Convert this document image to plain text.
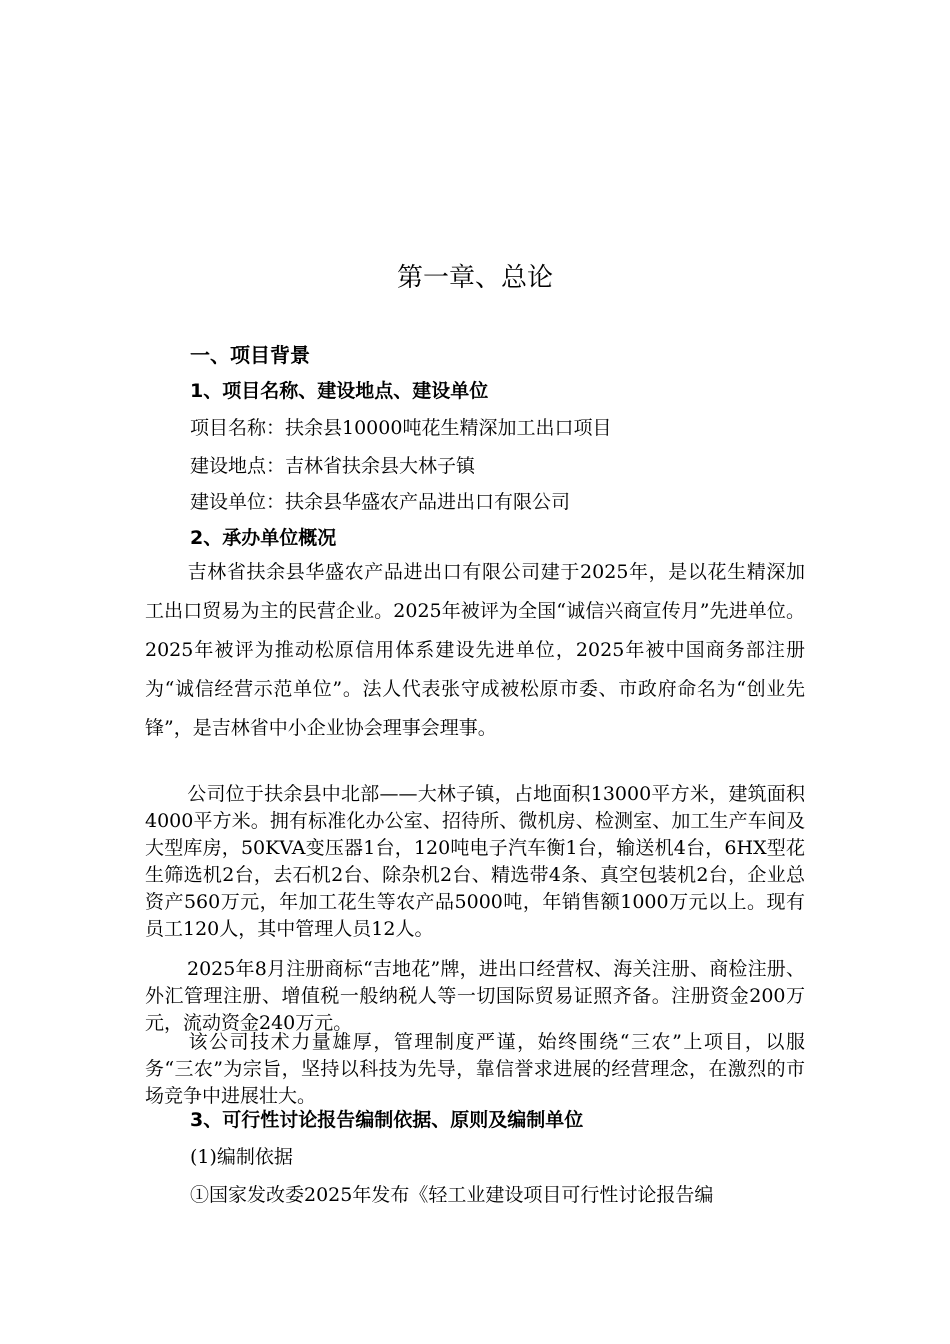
第一章、总论
一、项目背景
1、项目名称、建设地点、建设单位
项目名称：扶余县10000吨花生精深加工出口项目
建设地点：吉林省扶余县大林子镇
建设单位：扶余县华盛农产品进出口有限公司
2、承办单位概况
吉林省扶余县华盛农产品进出口有限公司建于2025年，是以花生精深加工出口贸易为主的民营企业。2025年被评为全国“诚信兴商宣传月”先进单位。2025年被评为推动松原信用体系建设先进单位，2025年被中国商务部注册为“诚信经营示范单位”。法人代表张守成被松原市委、市政府命名为“创业先锋”，是吉林省中小企业协会理事会理事。
公司位于扶余县中北部——大林子镇，占地面积13000平方米，建筑面积4000平方米。拥有标准化办公室、招待所、微机房、检测室、加工生产车间及大型库房，50KVA变压器1台，120吨电子汽车衡1台，输送机4台，6HX型花生筛选机2台，去石机2台、除杂机2台、精选带4条、真空包装机2台，企业总资产560万元，年加工花生等农产品5000吨，年销售额1000万元以上。现有员工120人，其中管理人员12人。
2025年8月注册商标“吉地花”牌，进出口经营权、海关注册、商检注册、外汇管理注册、增值税一般纳税人等一切国际贸易证照齐备。注册资金200万元，流动资金240万元。
该公司技术力量雄厚，管理制度严谨，始终围绕“三农”上项目，以服务“三农”为宗旨，坚持以科技为先导，靠信誉求进展的经营理念，在激烈的市场竞争中进展壮大。
3、可行性讨论报告编制依据、原则及编制单位
(1)编制依据
①国家发改委2025年发布《轻工业建设项目可行性讨论报告编
